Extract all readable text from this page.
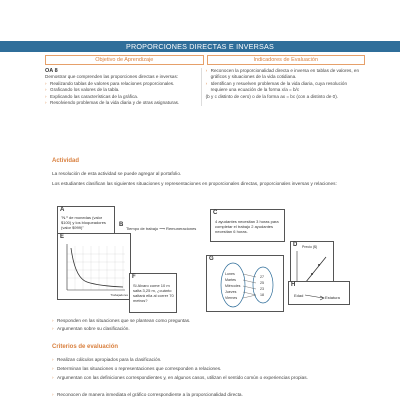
PROPORCIONES DIRECTAS E INVERSAS
Objetivo de Aprendizaje	Indicadores de Evaluación
OA 8
Demostrar que comprenden las proporciones directas e inversas:
› Realizando tablas de valores para relaciones proporcionales.
› Graficando los valores de la tabla.
› Explicando las características de la gráfica.
› Resolviendo problemas de la vida diaria y de otras asignaturas.
› Reconocen la proporcionalidad directa e inversa en tablas de valores, en gráficos y situaciones de la vida cotidiana.
› Identifican y resuelven problemas de la vida diaria, cuya resolución requiere una ecuación de la forma x/a = b/c
(b y c distinto de cero) o de la forma ax = bc (con a distinto de 0).
Actividad
La resolución de esta actividad se puede agregar al portafolio.
Los estudiantes clasifican las siguientes situaciones y representaciones en proporcionales directas, proporcionales inversas y relaciones:
A
"N.º de monedas (valor $100) y los bloqueadores (valor $999)"	B
Tiempo de trabajo ⟶ Remuneraciones
C
4 ayudantes necesitan 3 horas para completar el trabajo 2 ayudantes necesitan 6 horas.
D Precio ($)
E
Trabajadores
F
Si Alvaro come 10 m salta 3,25 m, ¿cuánto saltará ella al correr 70 metros?
G
Lunes
Martes
Miércoles
Jueves
Viernes
27
25
23
18
H
Edad	Estatura
› Responden en las situaciones que se plantean como preguntas.
› Argumentan sobre su clasificación.
Criterios de evaluación
› Realizan cálculos apropiados para la clasificación.
› Determinan las situaciones o representaciones que corresponden a relaciones.
› Argumentan con las definiciones correspondientes y, en algunos casos, utilizan el sentido común o experiencias propias.
› Reconocen de manera inmediata el gráfico correspondiente a la proporcionalidad directa.
